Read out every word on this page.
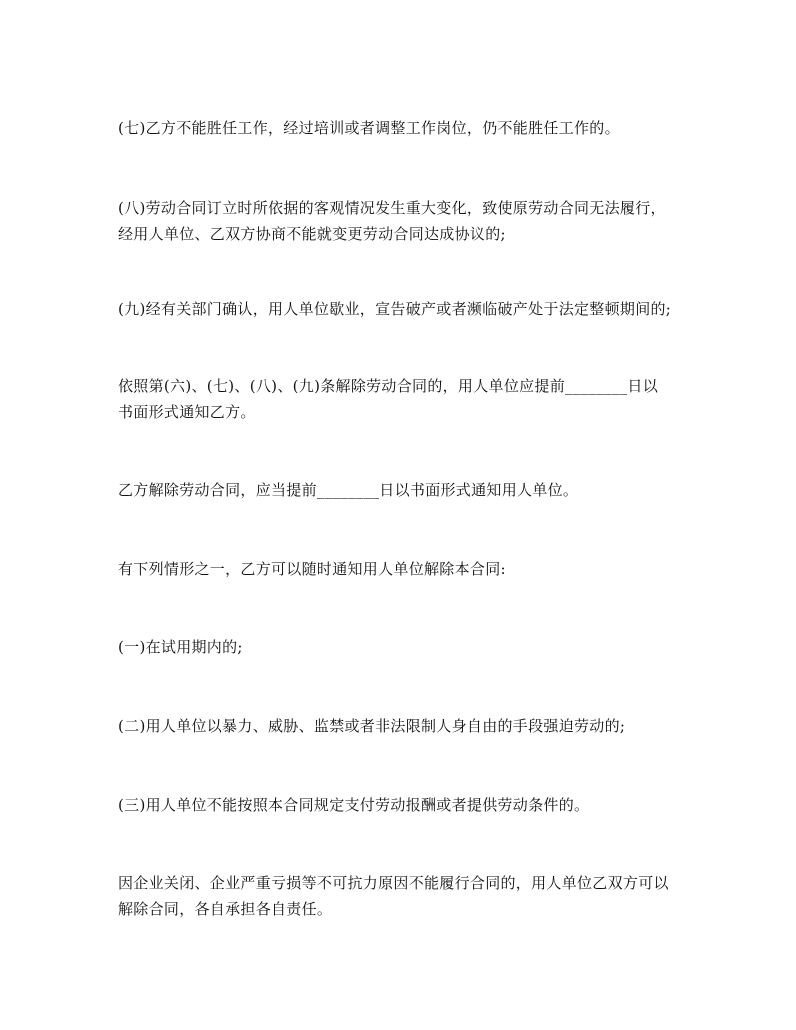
(七)乙方不能胜任工作，经过培训或者调整工作岗位，仍不能胜任工作的。

(八)劳动合同订立时所依据的客观情况发生重大变化，致使原劳动合同无法履行，
经用人单位、乙双方协商不能就变更劳动合同达成协议的;

(九)经有关部门确认，用人单位歇业，宣告破产或者濒临破产处于法定整顿期间的;

依照第(六)、(七)、(八)、(九)条解除劳动合同的，用人单位应提前________日以
书面形式通知乙方。

乙方解除劳动合同，应当提前________日以书面形式通知用人单位。

有下列情形之一，乙方可以随时通知用人单位解除本合同:

(一)在试用期内的;

(二)用人单位以暴力、威胁、监禁或者非法限制人身自由的手段强迫劳动的;

(三)用人单位不能按照本合同规定支付劳动报酬或者提供劳动条件的。

因企业关闭、企业严重亏损等不可抗力原因不能履行合同的，用人单位乙双方可以
解除合同，各自承担各自责任。
